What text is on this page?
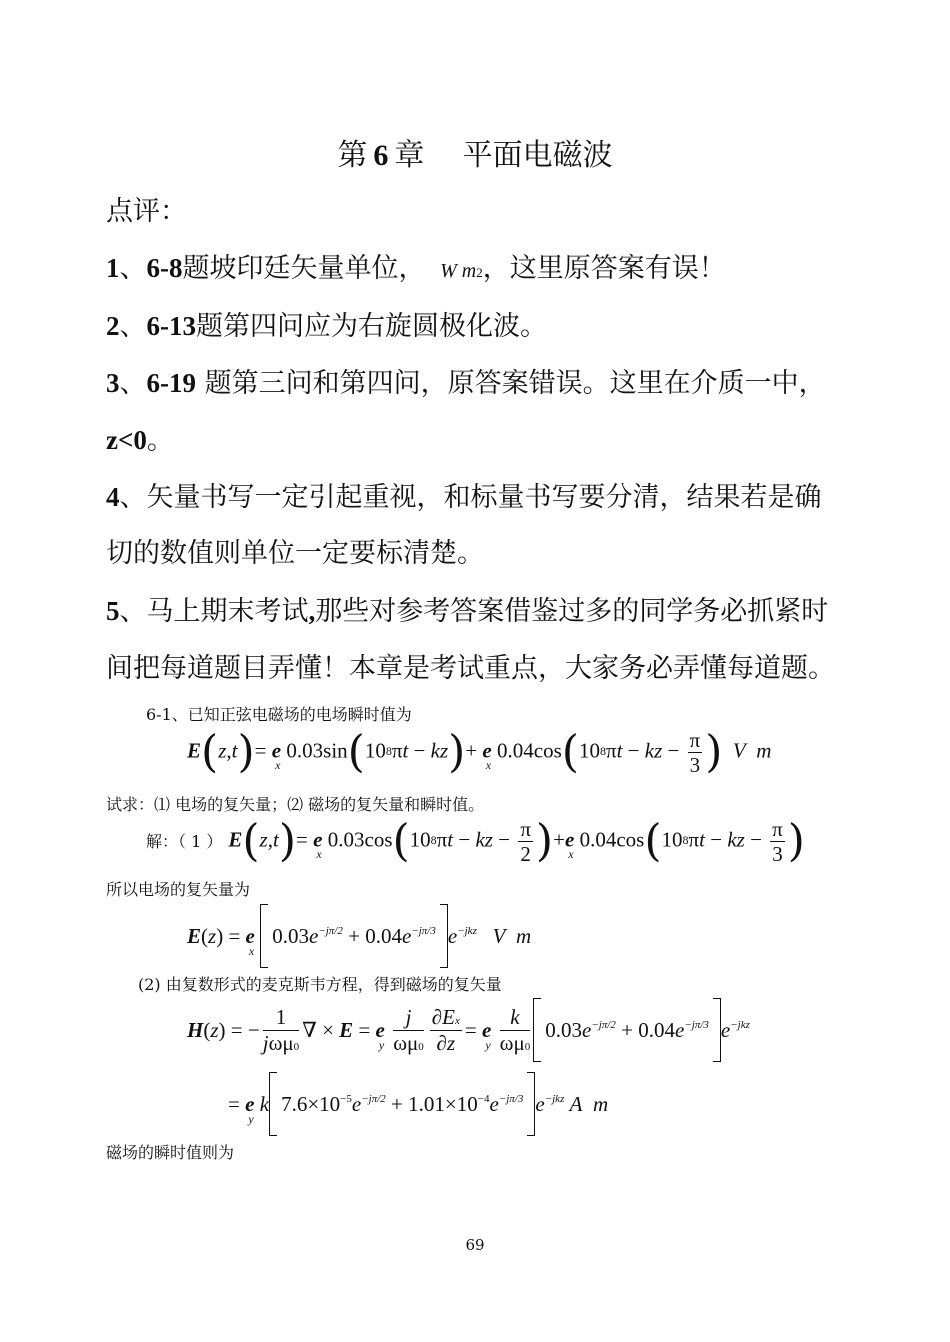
第  6  章 平面电磁波
点评：
1、6-8题坡印廷矢量单位， W m2，这里原答案有误！
2、6-13题第四问应为右旋圆极化波。
3、6-19 题第三问和第四问，原答案错误。这里在介质一中，
z<0。
4、矢量书写一定引起重视，和标量书写要分清，结果若是确
切的数值则单位一定要标清楚。
5、马上期末考试,那些对参考答案借鉴过多的同学务必抓紧时
间把每道题目弄懂！本章是考试重点，大家务必弄懂每道题。
6-1、已知正弦电磁场的电场瞬时值为
$E(z,t)= e_x0.03\sin(108\pi t - kz)+ e_x0.04\cos(108\pi t$ − kz − $\frac{\pi}{3}$ ) V m
试求：⑴ 电场的复矢量；⑵ 磁场的复矢量和瞬时值。
解：（ 1 ） $E(z,t)= e_x0.03\cos(108\pi t$ − kz − $\frac{\pi}{2} )+e_x0.04\cos(108\pi t$ − kz − $\frac{\pi}{3}$ )
所以电场的复矢量为
$E(z) = e_x$
$0.03e^{-j\pi/2} + 0.04e^{-j\pi/3}$ $e^{-jkz}$ V m
(2) 由复数形式的麦克斯韦方程，得到磁场的复矢量
H(z) = − $\frac{1}{\text{jωμ0}}$ ∇ × $E = e_y \frac{j}{\omega\mu 0} \frac{\partial Ex}{\partial z} = e_y \frac{k}{\omega\mu 0} 0.03e^{-j\pi/2} + 0.04e^{-j\pi/3}$ $e^{-jkz}$
= $e_yk$ $7.6\times 10^{-5}e^{-j\pi/2} + 1.01\times 10^{-4}e^{-j\pi/3}$ $e^{-jkz}$ A m
磁场的瞬时值则为
69
